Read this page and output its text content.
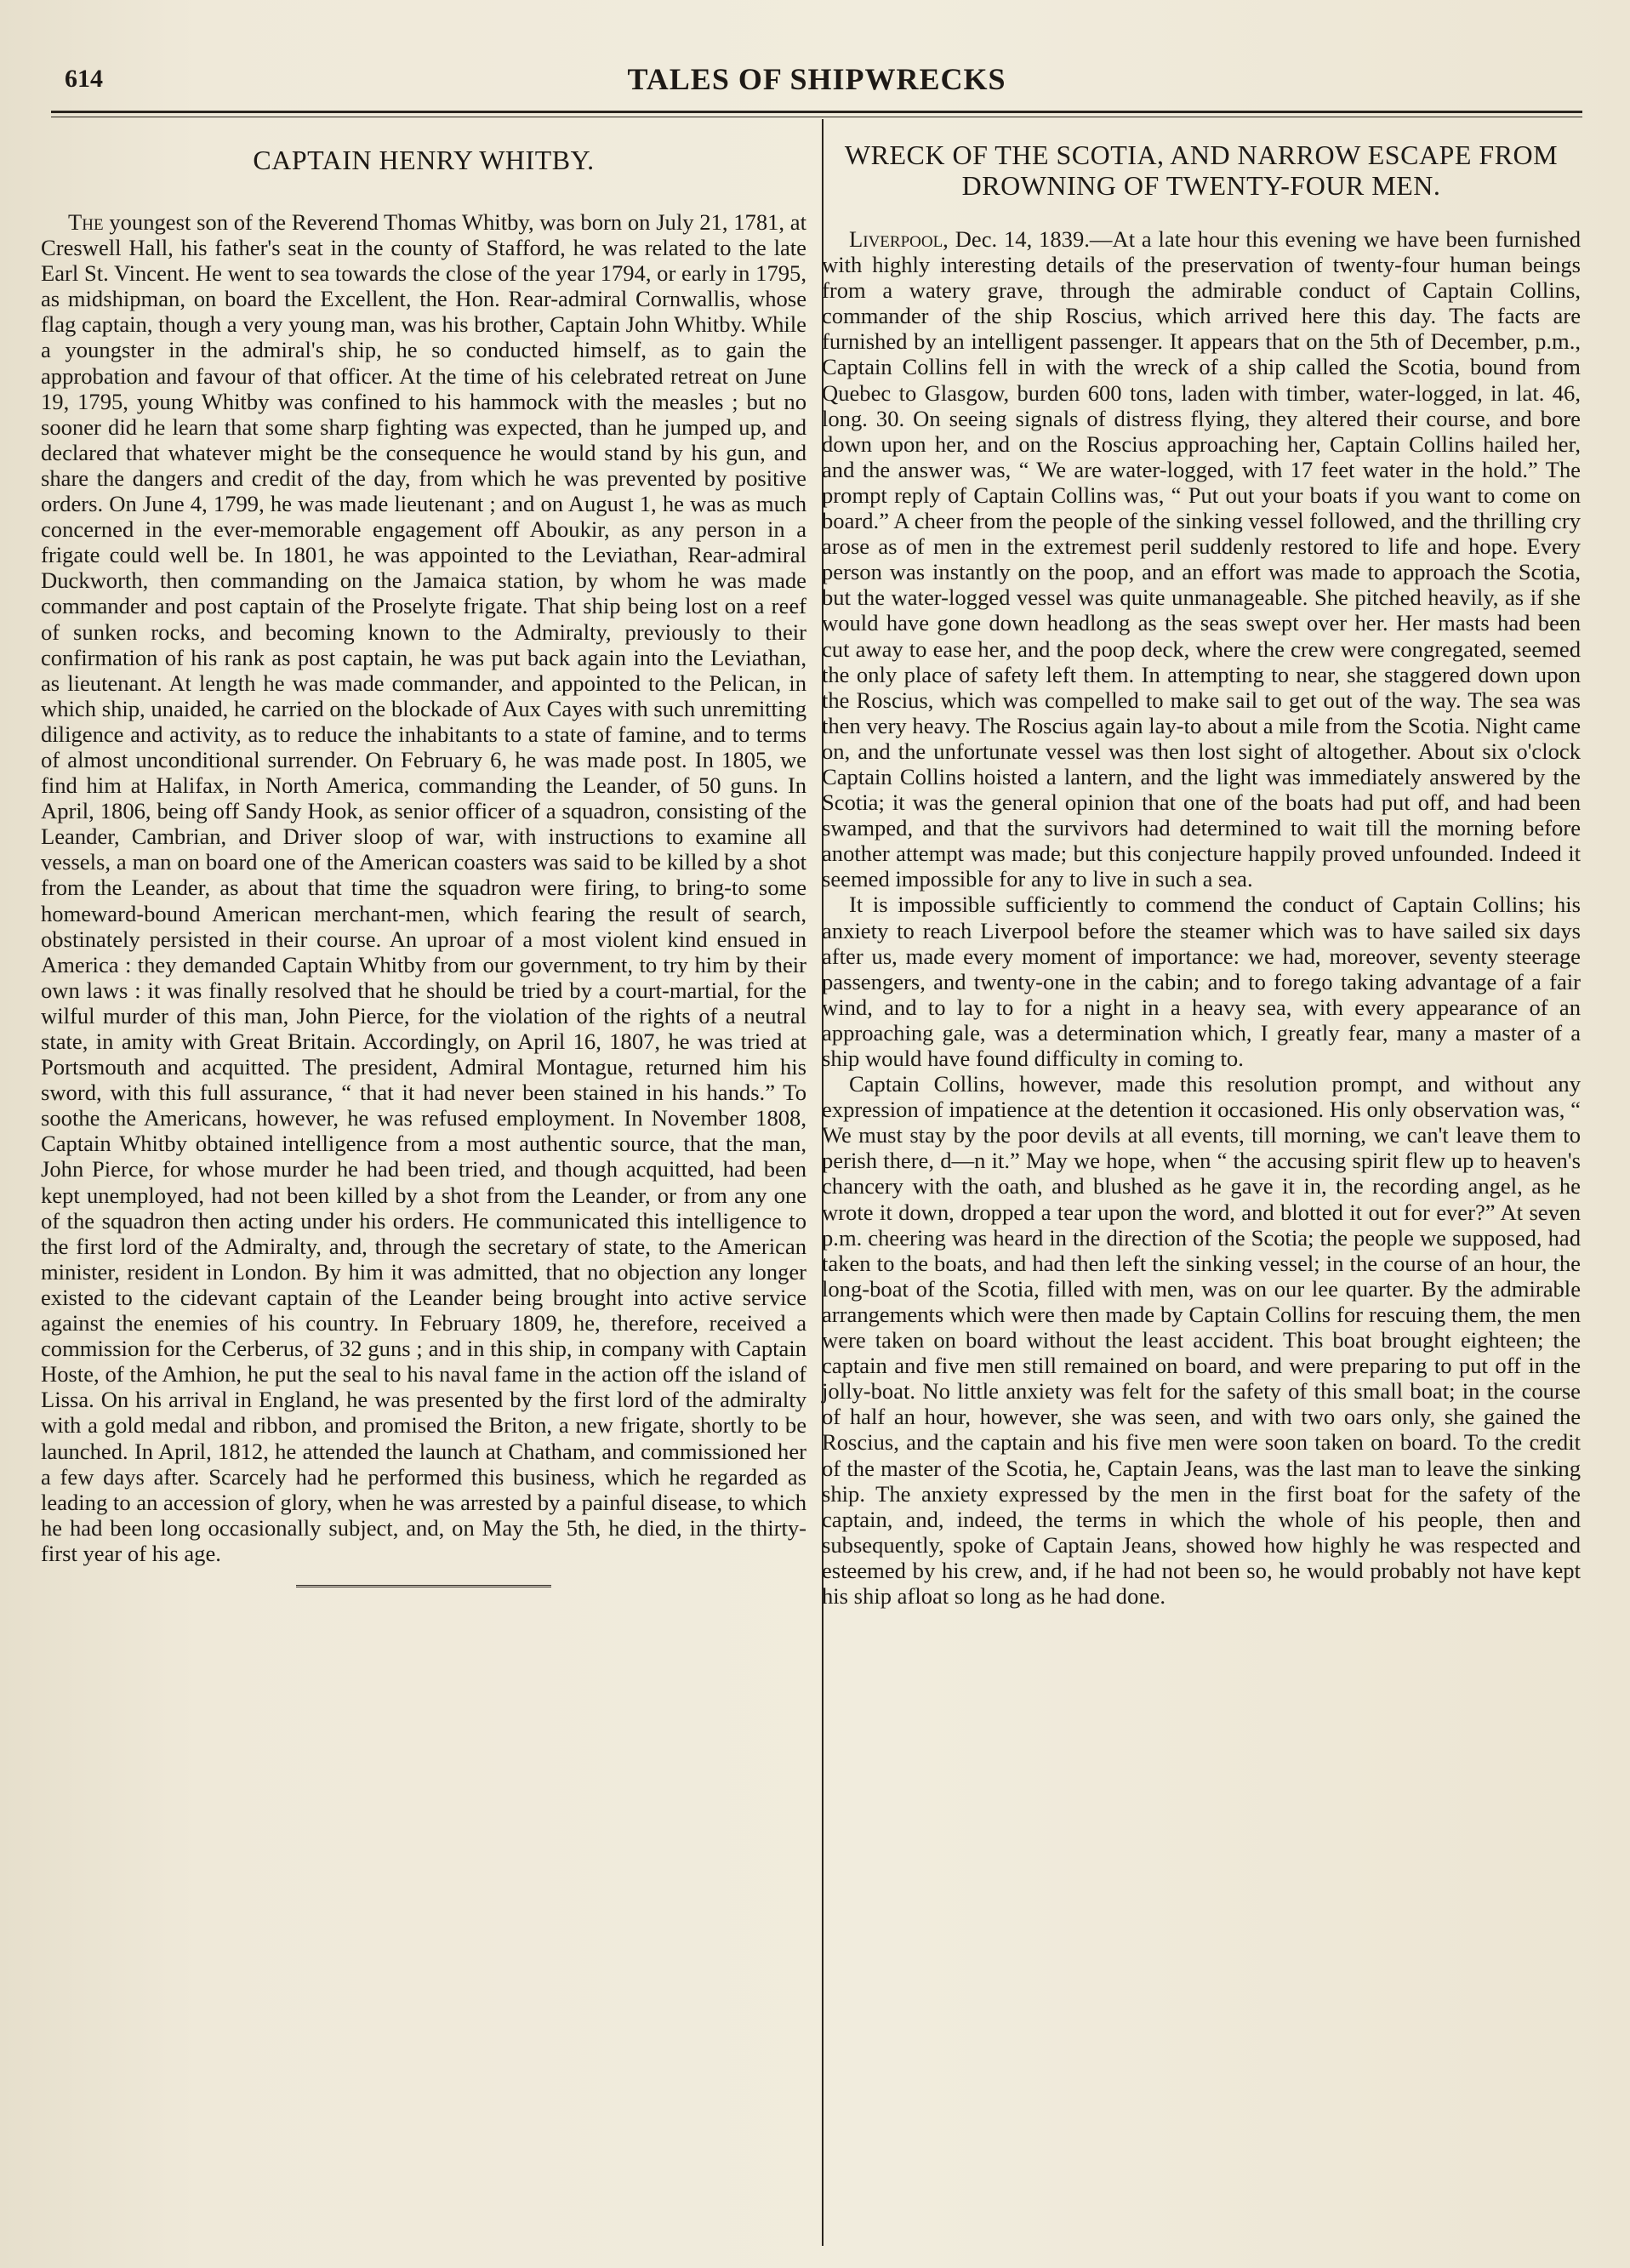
614	TALES OF SHIPWRECKS
CAPTAIN HENRY WHITBY.

The youngest son of the Reverend Thomas Whitby, was born on July 21, 1781, at Creswell Hall, his father's seat in the county of Stafford, he was related to the late Earl St. Vincent. He went to sea towards the close of the year 1794, or early in 1795, as midshipman, on board the Excellent, the Hon. Rear-admiral Cornwallis, whose flag captain, though a very young man, was his brother, Captain John Whitby. While a youngster in the admiral's ship, he so conducted himself, as to gain the approbation and favour of that officer. At the time of his celebrated retreat on June 19, 1795, young Whitby was confined to his hammock with the measles ; but no sooner did he learn that some sharp fighting was expected, than he jumped up, and declared that whatever might be the consequence he would stand by his gun, and share the dangers and credit of the day, from which he was prevented by positive orders. On June 4, 1799, he was made lieutenant ; and on August 1, he was as much concerned in the ever-memorable engagement off Aboukir, as any person in a frigate could well be. In 1801, he was appointed to the Leviathan, Rear-admiral Duckworth, then commanding on the Jamaica station, by whom he was made commander and post captain of the Proselyte frigate. That ship being lost on a reef of sunken rocks, and becoming known to the Admiralty, previously to their confirmation of his rank as post captain, he was put back again into the Leviathan, as lieutenant. At length he was made commander, and appointed to the Pelican, in which ship, unaided, he carried on the blockade of Aux Cayes with such unremitting diligence and activity, as to reduce the inhabitants to a state of famine, and to terms of almost unconditional surrender. On February 6, he was made post. In 1805, we find him at Halifax, in North America, commanding the Leander, of 50 guns. In April, 1806, being off Sandy Hook, as senior officer of a squadron, consisting of the Leander, Cambrian, and Driver sloop of war, with instructions to examine all vessels, a man on board one of the American coasters was said to be killed by a shot from the Leander, as about that time the squadron were firing, to bring-to some homeward-bound American merchant-men, which fearing the result of search, obstinately persisted in their course. An uproar of a most violent kind ensued in America : they demanded Captain Whitby from our government, to try him by their own laws : it was finally resolved that he should be tried by a court-martial, for the wilful murder of this man, John Pierce, for the violation of the rights of a neutral state, in amity with Great Britain. Accordingly, on April 16, 1807, he was tried at Portsmouth and acquitted. The president, Admiral Montague, returned him his sword, with this full assurance, “ that it had never been stained in his hands.” To soothe the Americans, however, he was refused employment. In November 1808, Captain Whitby obtained intelligence from a most authentic source, that the man, John Pierce, for whose murder he had been tried, and though acquitted, had been kept unemployed, had not been killed by a shot from the Leander, or from any one of the squadron then acting under his orders. He communicated this intelligence to the first lord of the Admiralty, and, through the secretary of state, to the American minister, resident in London. By him it was admitted, that no objection any longer existed to the cidevant captain of the Leander being brought into active service against the enemies of his country. In February 1809, he, therefore, received a commission for the Cerberus, of 32 guns ; and in this ship, in company with Captain Hoste, of the Amhion, he put the seal to his naval fame in the action off the island of Lissa. On his arrival in England, he was presented by the first lord of the admiralty with a gold medal and ribbon, and promised the Briton, a new frigate, shortly to be launched. In April, 1812, he attended the launch at Chatham, and commissioned her a few days after. Scarcely had he performed this business, which he regarded as leading to an accession of glory, when he was arrested by a painful disease, to which he had been long occasionally subject, and, on May the 5th, he died, in the thirty-first year of his age.

WRECK OF THE SCOTIA, AND NARROW ESCAPE FROM DROWNING OF TWENTY-FOUR MEN.

Liverpool, Dec. 14, 1839.—At a late hour this evening we have been furnished with highly interesting details of the preservation of twenty-four human beings from a watery grave, through the admirable conduct of Captain Collins, commander of the ship Roscius, which arrived here this day. The facts are furnished by an intelligent passenger. It appears that on the 5th of December, p.m., Captain Collins fell in with the wreck of a ship called the Scotia, bound from Quebec to Glasgow, burden 600 tons, laden with timber, water-logged, in lat. 46, long. 30. On seeing signals of distress flying, they altered their course, and bore down upon her, and on the Roscius approaching her, Captain Collins hailed her, and the answer was, “ We are water-logged, with 17 feet water in the hold.” The prompt reply of Captain Collins was, “ Put out your boats if you want to come on board.” A cheer from the people of the sinking vessel followed, and the thrilling cry arose as of men in the extremest peril suddenly restored to life and hope. Every person was instantly on the poop, and an effort was made to approach the Scotia, but the water-logged vessel was quite unmanageable. She pitched heavily, as if she would have gone down headlong as the seas swept over her. Her masts had been cut away to ease her, and the poop deck, where the crew were congregated, seemed the only place of safety left them. In attempting to near, she staggered down upon the Roscius, which was compelled to make sail to get out of the way. The sea was then very heavy. The Roscius again lay-to about a mile from the Scotia. Night came on, and the unfortunate vessel was then lost sight of altogether. About six o'clock Captain Collins hoisted a lantern, and the light was immediately answered by the Scotia; it was the general opinion that one of the boats had put off, and had been swamped, and that the survivors had determined to wait till the morning before another attempt was made; but this conjecture happily proved unfounded. Indeed it seemed impossible for any to live in such a sea.

It is impossible sufficiently to commend the conduct of Captain Collins; his anxiety to reach Liverpool before the steamer which was to have sailed six days after us, made every moment of importance: we had, moreover, seventy steerage passengers, and twenty-one in the cabin; and to forego taking advantage of a fair wind, and to lay to for a night in a heavy sea, with every appearance of an approaching gale, was a determination which, I greatly fear, many a master of a ship would have found difficulty in coming to.

Captain Collins, however, made this resolution prompt, and without any expression of impatience at the detention it occasioned. His only observation was, “ We must stay by the poor devils at all events, till morning, we can't leave them to perish there, d—n it.” May we hope, when “ the accusing spirit flew up to heaven's chancery with the oath, and blushed as he gave it in, the recording angel, as he wrote it down, dropped a tear upon the word, and blotted it out for ever?” At seven p.m. cheering was heard in the direction of the Scotia; the people we supposed, had taken to the boats, and had then left the sinking vessel; in the course of an hour, the long-boat of the Scotia, filled with men, was on our lee quarter. By the admirable arrangements which were then made by Captain Collins for rescuing them, the men were taken on board without the least accident. This boat brought eighteen; the captain and five men still remained on board, and were preparing to put off in the jolly-boat. No little anxiety was felt for the safety of this small boat; in the course of half an hour, however, she was seen, and with two oars only, she gained the Roscius, and the captain and his five men were soon taken on board. To the credit of the master of the Scotia, he, Captain Jeans, was the last man to leave the sinking ship. The anxiety expressed by the men in the first boat for the safety of the captain, and, indeed, the terms in which the whole of his people, then and subsequently, spoke of Captain Jeans, showed how highly he was respected and esteemed by his crew, and, if he had not been so, he would probably not have kept his ship afloat so long as he had done.
